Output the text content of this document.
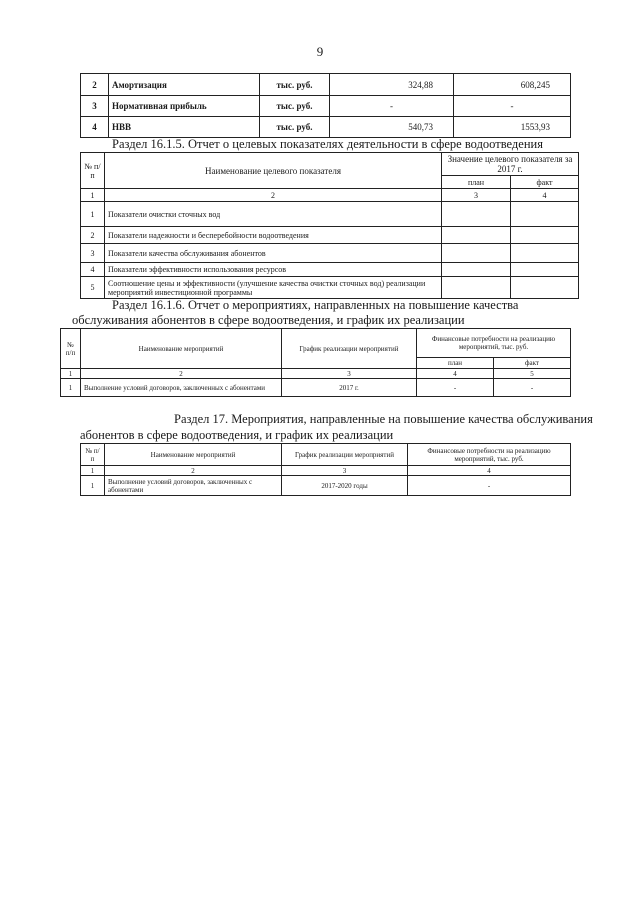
9
2	Амортизация	тыс. руб.	324,88	608,245
3	Нормативная прибыль	тыс. руб.	-	-
4	НВВ	тыс. руб.	540,73	1553,93
Раздел 16.1.5. Отчет о целевых показателях деятельности в сфере водоотведения
№ п/п	Наименование целевого показателя	Значение целевого показателя за 2017 г.	
		план	факт
1	2	3	4
1	Показатели очистки сточных вод		
2	Показатели надежности и бесперебойности водоотведения		
3	Показатели качества обслуживания абонентов		
4	Показатели эффективности использования ресурсов		
5	Соотношение цены и эффективности (улучшение качества очистки сточных вод) реализации мероприятий инвестиционной программы		
Раздел 16.1.6. Отчет о мероприятиях, направленных на повышение качества
обслуживания абонентов в сфере водоотведения, и график их реализации
№ п/п	Наименование мероприятий	График реализации мероприятий	Финансовые потребности на реализацию мероприятий, тыс. руб.	
			план	факт
1	2	3	4	5
1	Выполнение условий договоров, заключенных с абонентами	2017 г.	-	-
Раздел 17. Мероприятия, направленные на повышение качества обслуживания
абонентов в сфере водоотведения, и график их реализации
№ п/п	Наименование мероприятий	График реализации мероприятий	Финансовые потребности на реализацию мероприятий, тыс. руб.
1	2	3	4
1	Выполнение условий договоров, заключенных с абонентами	2017-2020 годы	-
